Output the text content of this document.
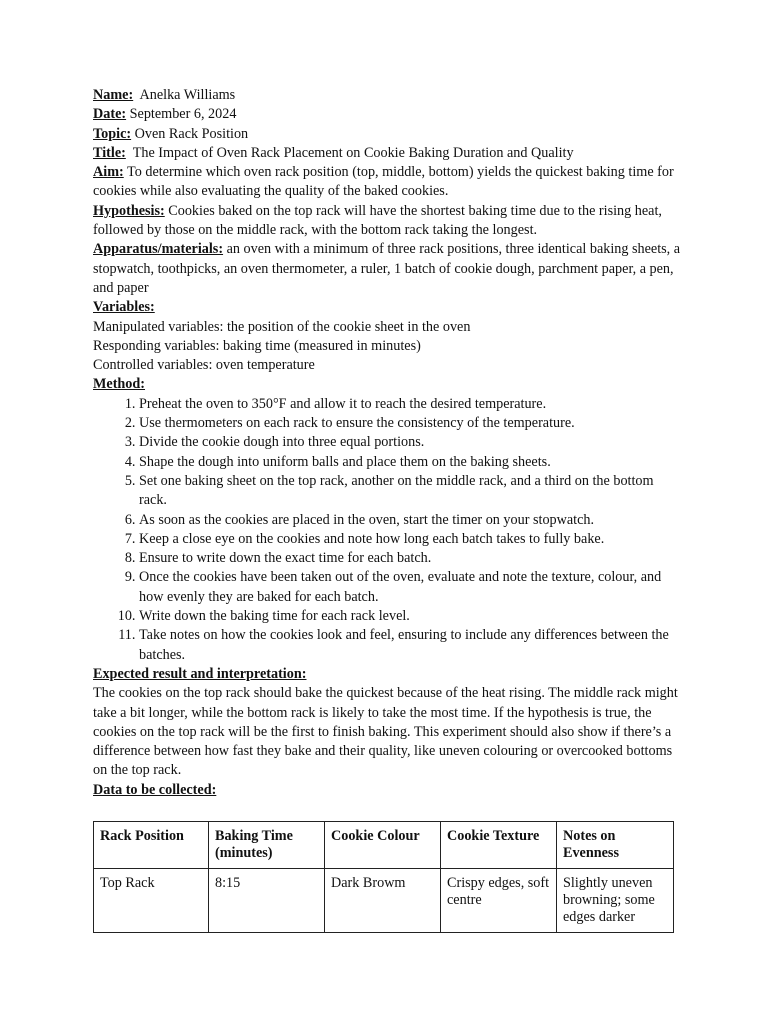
Name: Anelka Williams

Date: September 6, 2024

Topic: Oven Rack Position

Title: The Impact of Oven Rack Placement on Cookie Baking Duration and Quality

Aim: To determine which oven rack position (top, middle, bottom) yields the quickest baking time for cookies while also evaluating the quality of the baked cookies.

Hypothesis: Cookies baked on the top rack will have the shortest baking time due to the rising heat, followed by those on the middle rack, with the bottom rack taking the longest.

Apparatus/materials: an oven with a minimum of three rack positions, three identical baking sheets, a stopwatch, toothpicks, an oven thermometer, a ruler, 1 batch of cookie dough, parchment paper, a pen, and paper

Variables:

Manipulated variables: the position of the cookie sheet in the oven

Responding variables: baking time (measured in minutes)

Controlled variables: oven temperature

Method:

1. Preheat the oven to 350°F and allow it to reach the desired temperature.
2. Use thermometers on each rack to ensure the consistency of the temperature.
3. Divide the cookie dough into three equal portions.
4. Shape the dough into uniform balls and place them on the baking sheets.
5. Set one baking sheet on the top rack, another on the middle rack, and a third on the bottom rack.
6. As soon as the cookies are placed in the oven, start the timer on your stopwatch.
7. Keep a close eye on the cookies and note how long each batch takes to fully bake.
8. Ensure to write down the exact time for each batch.
9. Once the cookies have been taken out of the oven, evaluate and note the texture, colour, and how evenly they are baked for each batch.
10. Write down the baking time for each rack level.
11. Take notes on how the cookies look and feel, ensuring to include any differences between the batches.

Expected result and interpretation:

The cookies on the top rack should bake the quickest because of the heat rising. The middle rack might take a bit longer, while the bottom rack is likely to take the most time. If the hypothesis is true, the cookies on the top rack will be the first to finish baking. This experiment should also show if there’s a difference between how fast they bake and their quality, like uneven colouring or overcooked bottoms on the top rack.

Data to be collected:

Rack Position	Baking Time (minutes)	Cookie Colour	Cookie Texture	Notes on Evenness
Top Rack	8:15	Dark Browm	Crispy edges, soft centre	Slightly uneven browning; some edges darker
